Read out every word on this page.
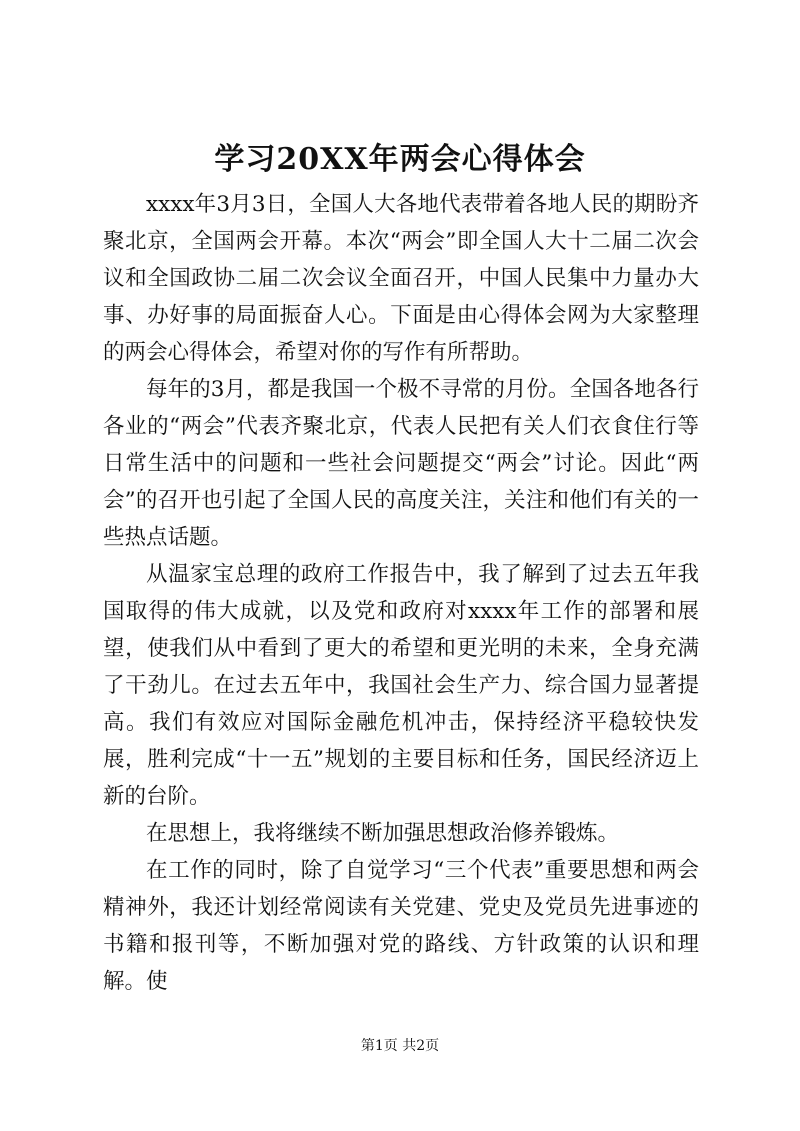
学习20XX年两会心得体会

xxxx年3月3日，全国人大各地代表带着各地人民的期盼齐聚北京，全国两会开幕。本次“两会”即全国人大十二届二次会议和全国政协二届二次会议全面召开，中国人民集中力量办大事、办好事的局面振奋人心。下面是由心得体会网为大家整理的两会心得体会，希望对你的写作有所帮助。

每年的3月，都是我国一个极不寻常的月份。全国各地各行各业的“两会”代表齐聚北京，代表人民把有关人们衣食住行等日常生活中的问题和一些社会问题提交“两会”讨论。因此“两会”的召开也引起了全国人民的高度关注，关注和他们有关的一些热点话题。

从温家宝总理的政府工作报告中，我了解到了过去五年我国取得的伟大成就，以及党和政府对xxxx年工作的部署和展望，使我们从中看到了更大的希望和更光明的未来，全身充满了干劲儿。在过去五年中，我国社会生产力、综合国力显著提高。我们有效应对国际金融危机冲击，保持经济平稳较快发展，胜利完成“十一五”规划的主要目标和任务，国民经济迈上新的台阶。

在思想上，我将继续不断加强思想政治修养锻炼。

在工作的同时，除了自觉学习“三个代表”重要思想和两会精神外，我还计划经常阅读有关党建、党史及党员先进事迹的书籍和报刊等，不断加强对党的路线、方针政策的认识和理解。使

第1页 共2页
